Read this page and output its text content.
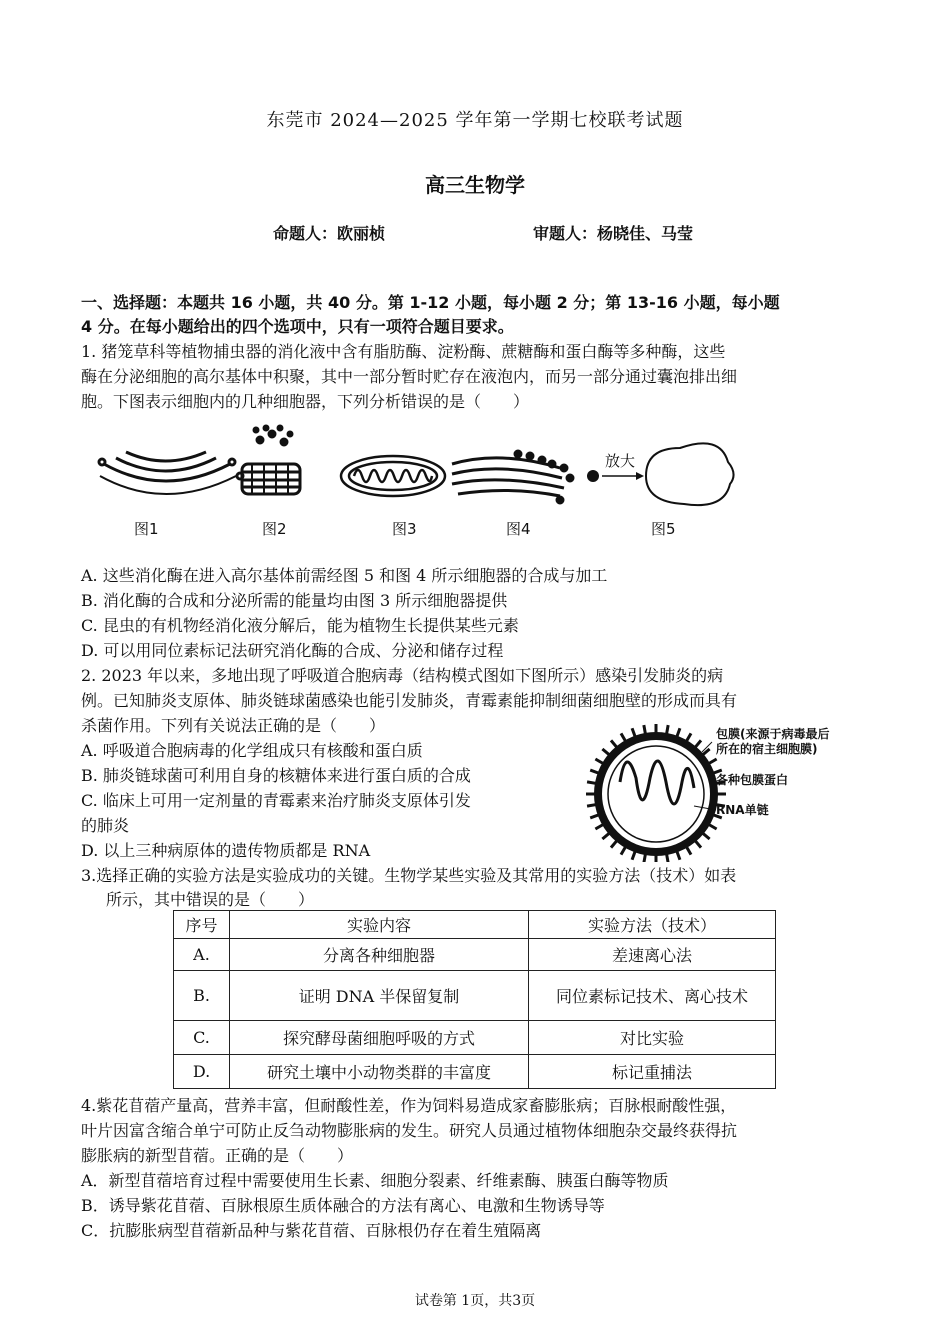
东莞市 2024—2025 学年第一学期七校联考试题
高三生物学
命题人：欧丽桢	审题人：杨晓佳、马莹
一、选择题：本题共 16 小题，共 40 分。第 1-12 小题，每小题 2 分；第 13-16 小题，每小题
4 分。在每小题给出的四个选项中，只有一项符合题目要求。
1. 猪笼草科等植物捕虫器的消化液中含有脂肪酶、淀粉酶、蔗糖酶和蛋白酶等多种酶，这些
酶在分泌细胞的高尔基体中积聚，其中一部分暂时贮存在液泡内，而另一部分通过囊泡排出细
胞。下图表示细胞内的几种细胞器，下列分析错误的是（　　）
放大
图1	图2	图3	图4	图5
A. 这些消化酶在进入高尔基体前需经图 5 和图 4 所示细胞器的合成与加工
B. 消化酶的合成和分泌所需的能量均由图 3 所示细胞器提供
C. 昆虫的有机物经消化液分解后，能为植物生长提供某些元素
D. 可以用同位素标记法研究消化酶的合成、分泌和储存过程
2. 2023 年以来，多地出现了呼吸道合胞病毒（结构模式图如下图所示）感染引发肺炎的病
例。已知肺炎支原体、肺炎链球菌感染也能引发肺炎，青霉素能抑制细菌细胞壁的形成而具有
杀菌作用。下列有关说法正确的是（　　）
A. 呼吸道合胞病毒的化学组成只有核酸和蛋白质
B. 肺炎链球菌可利用自身的核糖体来进行蛋白质的合成
C. 临床上可用一定剂量的青霉素来治疗肺炎支原体引发
的肺炎
D. 以上三种病原体的遗传物质都是 RNA
包膜(来源于病毒最后
所在的宿主细胞膜)
各种包膜蛋白
RNA单链
3.选择正确的实验方法是实验成功的关键。生物学某些实验及其常用的实验方法（技术）如表
所示，其中错误的是（　　）
序号	实验内容	实验方法（技术）
A.	分离各种细胞器	差速离心法
B.	证明 DNA 半保留复制	同位素标记技术、离心技术
C.	探究酵母菌细胞呼吸的方式	对比实验
D.	研究土壤中小动物类群的丰富度	标记重捕法
4.紫花苜蓿产量高，营养丰富，但耐酸性差，作为饲料易造成家畜膨胀病；百脉根耐酸性强，
叶片因富含缩合单宁可防止反刍动物膨胀病的发生。研究人员通过植物体细胞杂交最终获得抗
膨胀病的新型苜蓿。正确的是（　　）
A．新型苜蓿培育过程中需要使用生长素、细胞分裂素、纤维素酶、胰蛋白酶等物质
B．诱导紫花苜蓿、百脉根原生质体融合的方法有离心、电激和生物诱导等
C．抗膨胀病型苜蓿新品种与紫花苜蓿、百脉根仍存在着生殖隔离
试卷第 1页，共3页
